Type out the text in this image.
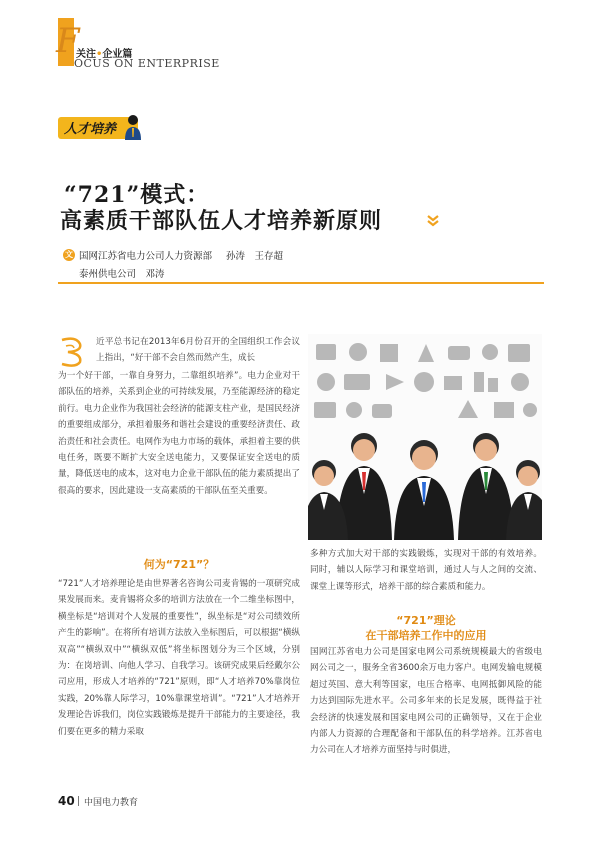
F
关注•企业篇
OCUS ON ENTERPRISE
人才培养
“721”模式：
高素质干部队伍人才培养新原则
文 国网江苏省电力公司人力资源部 孙涛　王存超
泰州供电公司　邓涛
近平总书记在2013年6月份召开的全国组织工作会议上指出，“好干部不会自然而然产生，成长
为一个好干部，一靠自身努力，二靠组织培养”。电力企业对干部队伍的培养，关系到企业的可持续发展，乃至能源经济的稳定前行。电力企业作为我国社会经济的能源支柱产业，是国民经济的重要组成部分，承担着服务和谐社会建设的重要经济责任、政治责任和社会责任。电网作为电力市场的载体，承担着主要的供电任务，既要不断扩大安全送电能力，又要保证安全送电的质量，降低送电的成本，这对电力企业干部队伍的能力素质提出了很高的要求，因此建设一支高素质的干部队伍至关重要。
何为“721”？
“721”人才培养理论是由世界著名咨询公司麦肯锡的一项研究成果发展而来。麦肯锡将众多的培训方法放在一个二维坐标图中，横坐标是“培训对个人发展的重要性”，纵坐标是“对公司绩效所产生的影响”。在将所有培训方法放入坐标图后，可以根据“横纵双高”“横纵双中”“横纵双低”将坐标图划分为三个区域，分别为：在岗培训、向他人学习、自我学习。该研究成果后经戴尔公司应用，形成人才培养的“721”原则，即“人才培养70%靠岗位实践，20%靠人际学习，10%靠课堂培训”。“721”人才培养开发理论告诉我们，岗位实践锻炼是提升干部能力的主要途径，我们要在更多的精力采取
多种方式加大对干部的实践锻炼，实现对干部的有效培养。同时，辅以人际学习和课堂培训，通过人与人之间的交流、课堂上课等形式，培养干部的综合素质和能力。
“721”理论
在干部培养工作中的应用
国网江苏省电力公司是国家电网公司系统规模最大的省级电网公司之一，服务全省3600余万电力客户。电网发输电规模超过英国、意大利等国家，电压合格率、电网抵御风险的能力达到国际先进水平。公司多年来的长足发展，既得益于社会经济的快速发展和国家电网公司的正确领导，又在于企业内部人力资源的合理配备和干部队伍的科学培养。江苏省电力公司在人才培养方面坚持与时俱进，
40 中国电力教育
